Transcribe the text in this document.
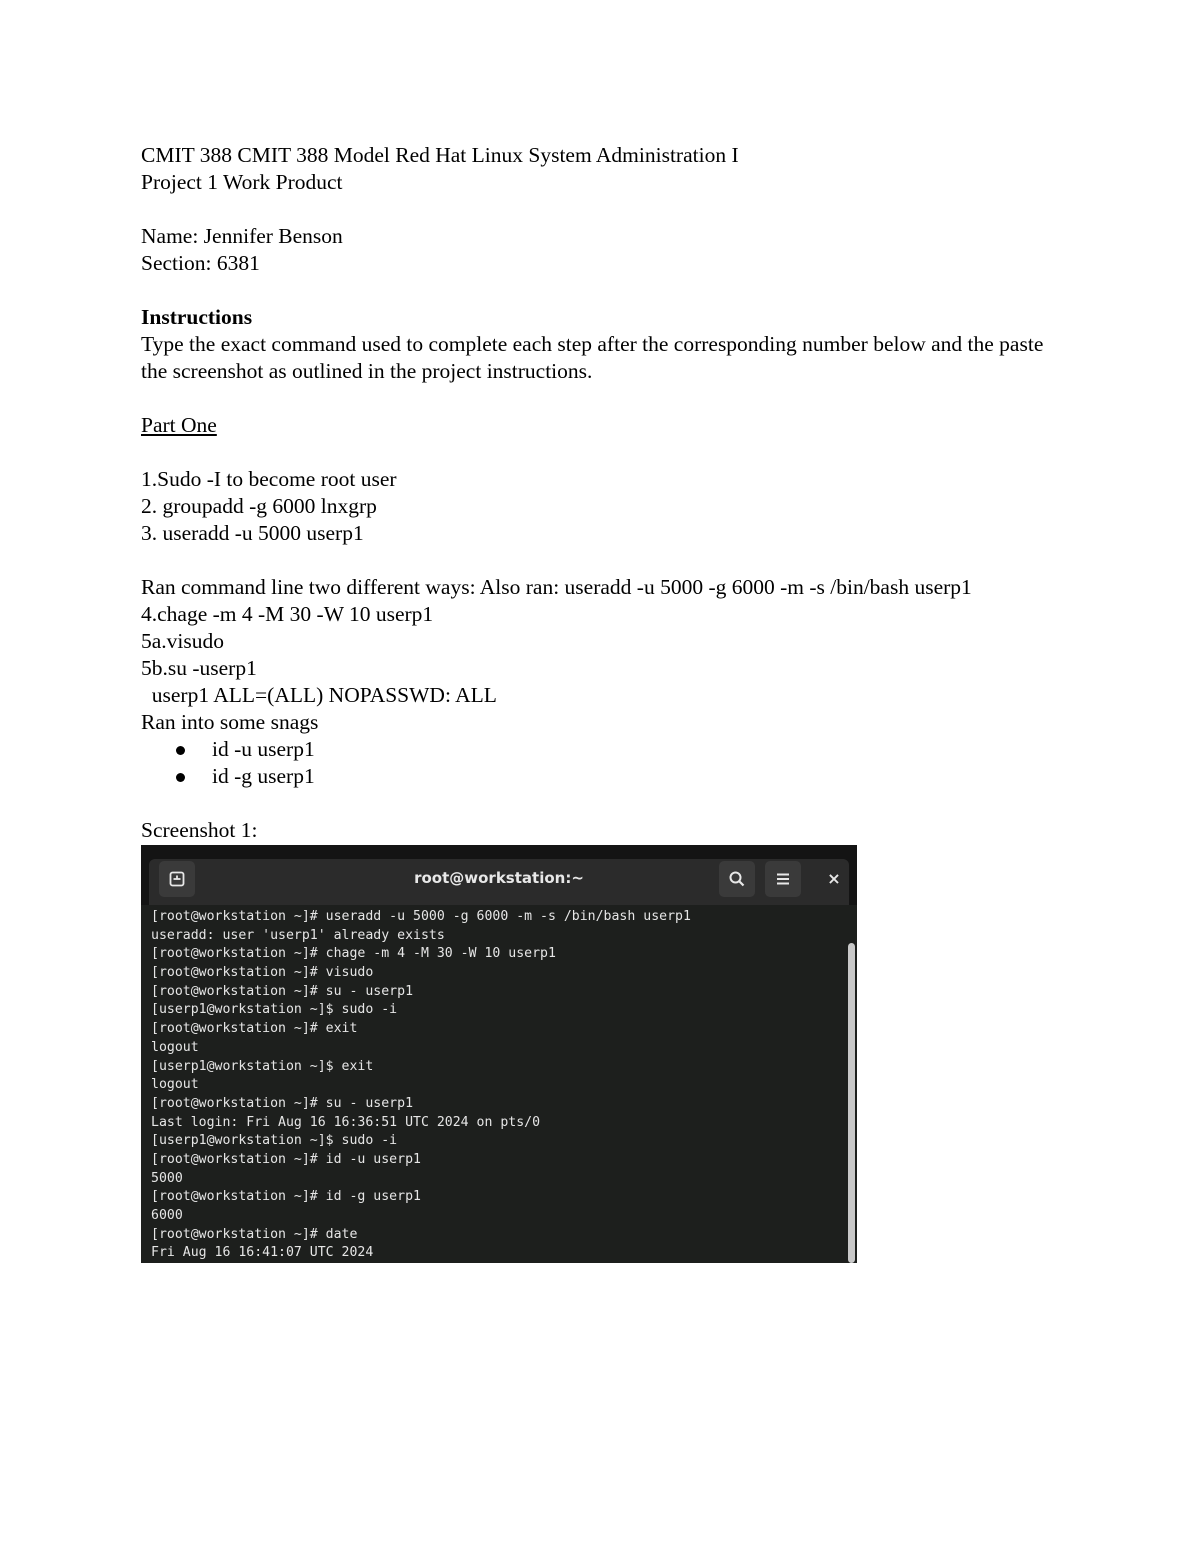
CMIT 388 CMIT 388 Model Red Hat Linux System Administration I
Project 1 Work Product
Name: Jennifer Benson
Section: 6381
Instructions
Type the exact command used to complete each step after the corresponding number below and the paste the screenshot as outlined in the project instructions.
Part One
1.Sudo -I to become root user
2. groupadd -g 6000 lnxgrp
3. useradd -u 5000 userp1
Ran command line two different ways: Also ran: useradd -u 5000 -g 6000 -m -s /bin/bash userp1
4.chage -m 4 -M 30 -W 10 userp1
5a.visudo
5b.su -userp1
userp1 ALL=(ALL) NOPASSWD: ALL
Ran into some snags
id -u userp1
id -g userp1
Screenshot 1:
root@workstation:~	×
[root@workstation ~]# useradd -u 5000 -g 6000 -m -s /bin/bash userp1
useradd: user 'userp1' already exists
[root@workstation ~]# chage -m 4 -M 30 -W 10 userp1
[root@workstation ~]# visudo
[root@workstation ~]# su - userp1
[userp1@workstation ~]$ sudo -i
[root@workstation ~]# exit
logout
[userp1@workstation ~]$ exit
logout
[root@workstation ~]# su - userp1
Last login: Fri Aug 16 16:36:51 UTC 2024 on pts/0
[userp1@workstation ~]$ sudo -i
[root@workstation ~]# id -u userp1
5000
[root@workstation ~]# id -g userp1
6000
[root@workstation ~]# date
Fri Aug 16 16:41:07 UTC 2024
